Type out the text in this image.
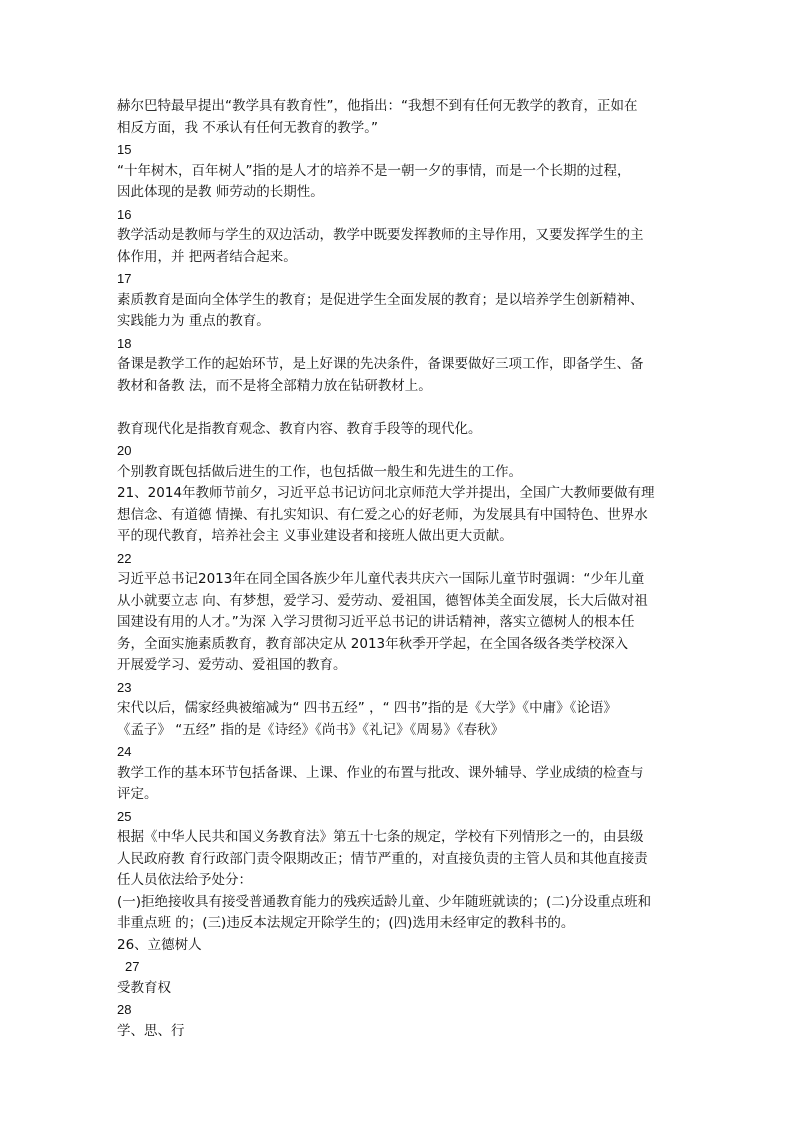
赫尔巴特最早提出“教学具有教育性”，他指出：“我想不到有任何无教学的教育，正如在
相反方面，我 不承认有任何无教育的教学。”
15
“十年树木，百年树人”指的是人才的培养不是一朝一夕的事情，而是一个长期的过程，
因此体现的是教 师劳动的长期性。
16
教学活动是教师与学生的双边活动，教学中既要发挥教师的主导作用，又要发挥学生的主
体作用，并 把两者结合起来。
17
素质教育是面向全体学生的教育；是促进学生全面发展的教育；是以培养学生创新精神、
实践能力为 重点的教育。
18
备课是教学工作的起始环节，是上好课的先决条件，备课要做好三项工作，即备学生、备
教材和备教 法，而不是将全部精力放在钻研教材上。
教育现代化是指教育观念、教育内容、教育手段等的现代化。
20
个别教育既包括做后进生的工作，也包括做一般生和先进生的工作。
21、2014年教师节前夕，习近平总书记访问北京师范大学并提出，全国广大教师要做有理
想信念、有道德 情操、有扎实知识、有仁爱之心的好老师，为发展具有中国特色、世界水
平的现代教育，培养社会主 义事业建设者和接班人做出更大贡献。
22
习近平总书记2013年在同全国各族少年儿童代表共庆六一国际儿童节时强调：“少年儿童
从小就要立志 向、有梦想，爱学习、爱劳动、爱祖国，德智体美全面发展，长大后做对祖
国建设有用的人才。”为深 入学习贯彻习近平总书记的讲话精神，落实立德树人的根本任
务，全面实施素质教育，教育部决定从 2013年秋季开学起，在全国各级各类学校深入
开展爱学习、爱劳动、爱祖国的教育。
23
宋代以后，儒家经典被缩减为“ 四书五经” ，“ 四书”指的是《大学》《中庸》《论语》
《孟子》 “五经” 指的是《诗经》《尚书》《礼记》《周易》《春秋》
24
教学工作的基本环节包括备课、上课、作业的布置与批改、课外辅导、学业成绩的检查与
评定。
25
根据《中华人民共和国义务教育法》第五十七条的规定，学校有下列情形之一的，由县级
人民政府教 育行政部门责令限期改正；情节严重的，对直接负责的主管人员和其他直接责
任人员依法给予处分：
(一)拒绝接收具有接受普通教育能力的残疾适龄儿童、少年随班就读的；(二)分设重点班和
非重点班 的；(三)违反本法规定开除学生的；(四)选用未经审定的教科书的。
26、立德树人
27
受教育权
28
学、思、行
